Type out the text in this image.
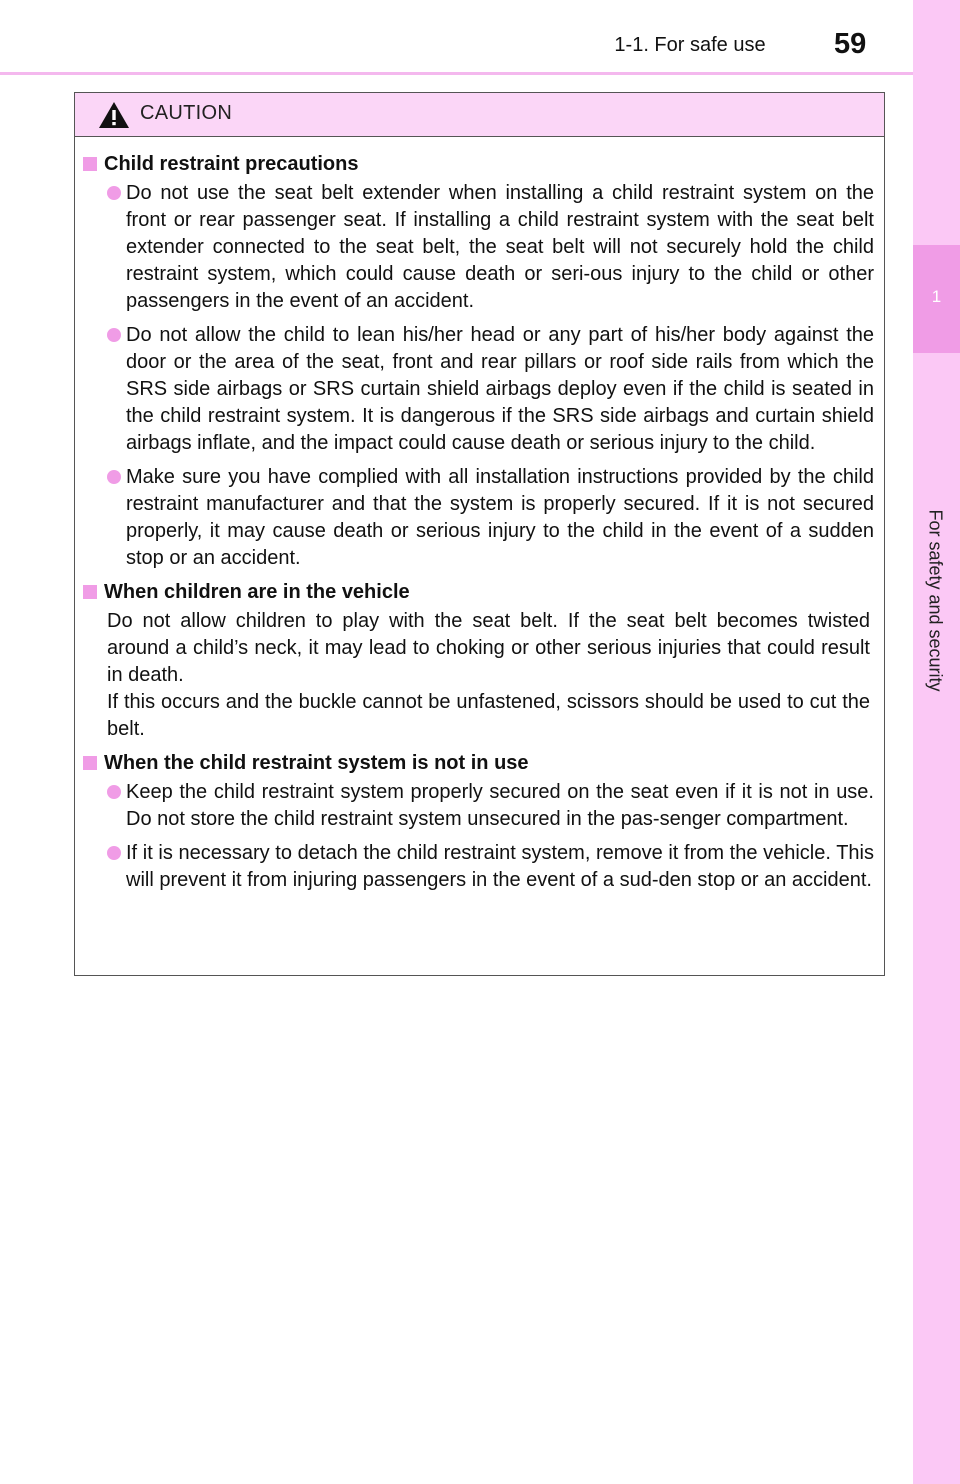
1-1. For safe use	59
1
For safety and security
CAUTION
Child restraint precautions
Do not use the seat belt extender when installing a child restraint system on the front or rear passenger seat. If installing a child restraint system with the seat belt extender connected to the seat belt, the seat belt will not securely hold the child restraint system, which could cause death or seri-ous injury to the child or other passengers in the event of an accident.
Do not allow the child to lean his/her head or any part of his/her body against the door or the area of the seat, front and rear pillars or roof side rails from which the SRS side airbags or SRS curtain shield airbags deploy even if the child is seated in the child restraint system. It is dangerous if the SRS side airbags and curtain shield airbags inflate, and the impact could cause death or serious injury to the child.
Make sure you have complied with all installation instructions provided by the child restraint manufacturer and that the system is properly secured. If it is not secured properly, it may cause death or serious injury to the child in the event of a sudden stop or an accident.
When children are in the vehicle
Do not allow children to play with the seat belt. If the seat belt becomes twisted around a child’s neck, it may lead to choking or other serious injuries that could result in death.
If this occurs and the buckle cannot be unfastened, scissors should be used to cut the belt.
When the child restraint system is not in use
Keep the child restraint system properly secured on the seat even if it is not in use. Do not store the child restraint system unsecured in the pas-senger compartment.
If it is necessary to detach the child restraint system, remove it from the vehicle. This will prevent it from injuring passengers in the event of a sud-den stop or an accident.
